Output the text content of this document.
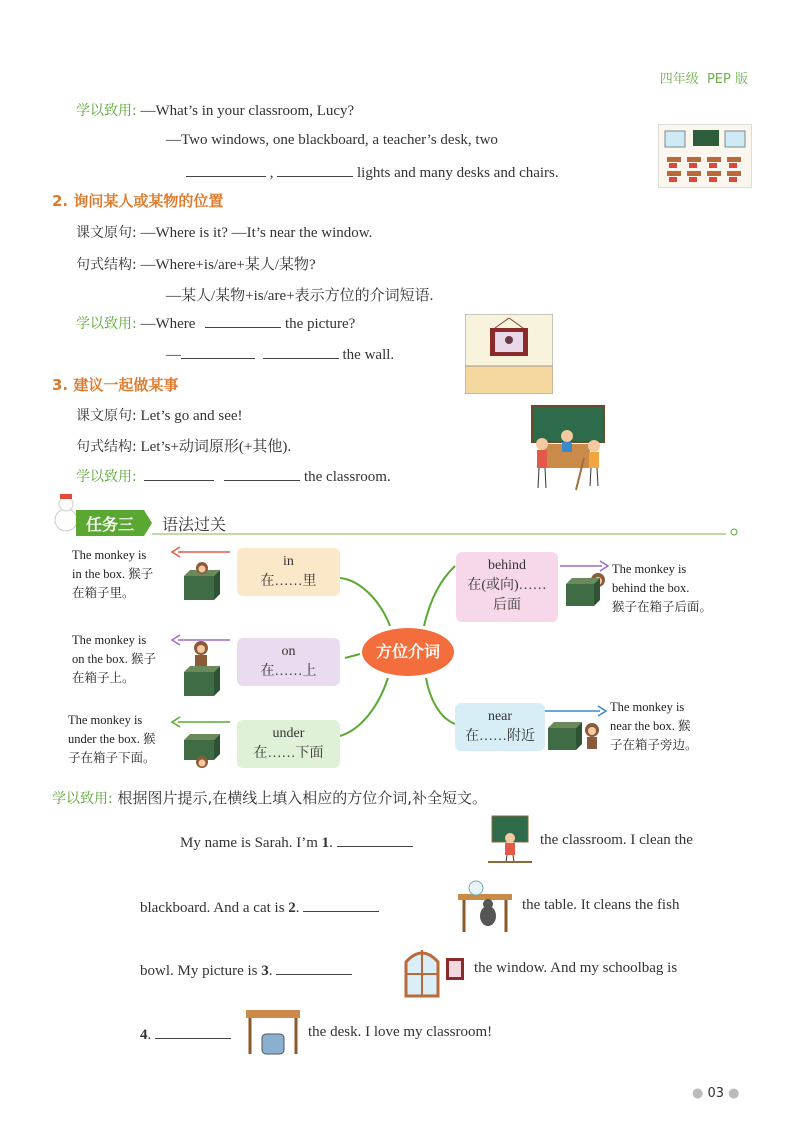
四年级 PEP 版
学以致用: —What’s in your classroom, Lucy?
—Two windows, one blackboard, a teacher’s desk, two
,	lights and many desks and chairs.
2. 询问某人或某物的位置
课文原句: —Where is it? —It’s near the window.
句式结构: —Where+is/are+某人/某物?
—某人/某物+is/are+表示方位的介词短语.
学以致用: —Where	the picture?
—	the wall.
3. 建议一起做某事
课文原句: Let’s go and see!
句式结构: Let’s+动词原形(+其他).
学以致用:	the classroom.
任务三 语法过关
方位介词
in
在……里
The monkey is
in the box. 猴子
在箱子里。
on
在……上
The monkey is
on the box. 猴子
在箱子上。
under
在……下面
The monkey is
under the box. 猴
子在箱子下面。
behind
在(或向)……
后面
The monkey is
behind the box.
猴子在箱子后面。
near
在……附近
The monkey is
near the box. 猴
子在箱子旁边。
学以致用: 根据图片提示,在横线上填入相应的方位介词,补全短文。
My name is Sarah. I’m 1.	the classroom. I clean the
blackboard. And a cat is 2.	the table. It cleans the fish
bowl. My picture is 3.	the window. And my schoolbag is
4.	the desk. I love my classroom!
● 03 ●
